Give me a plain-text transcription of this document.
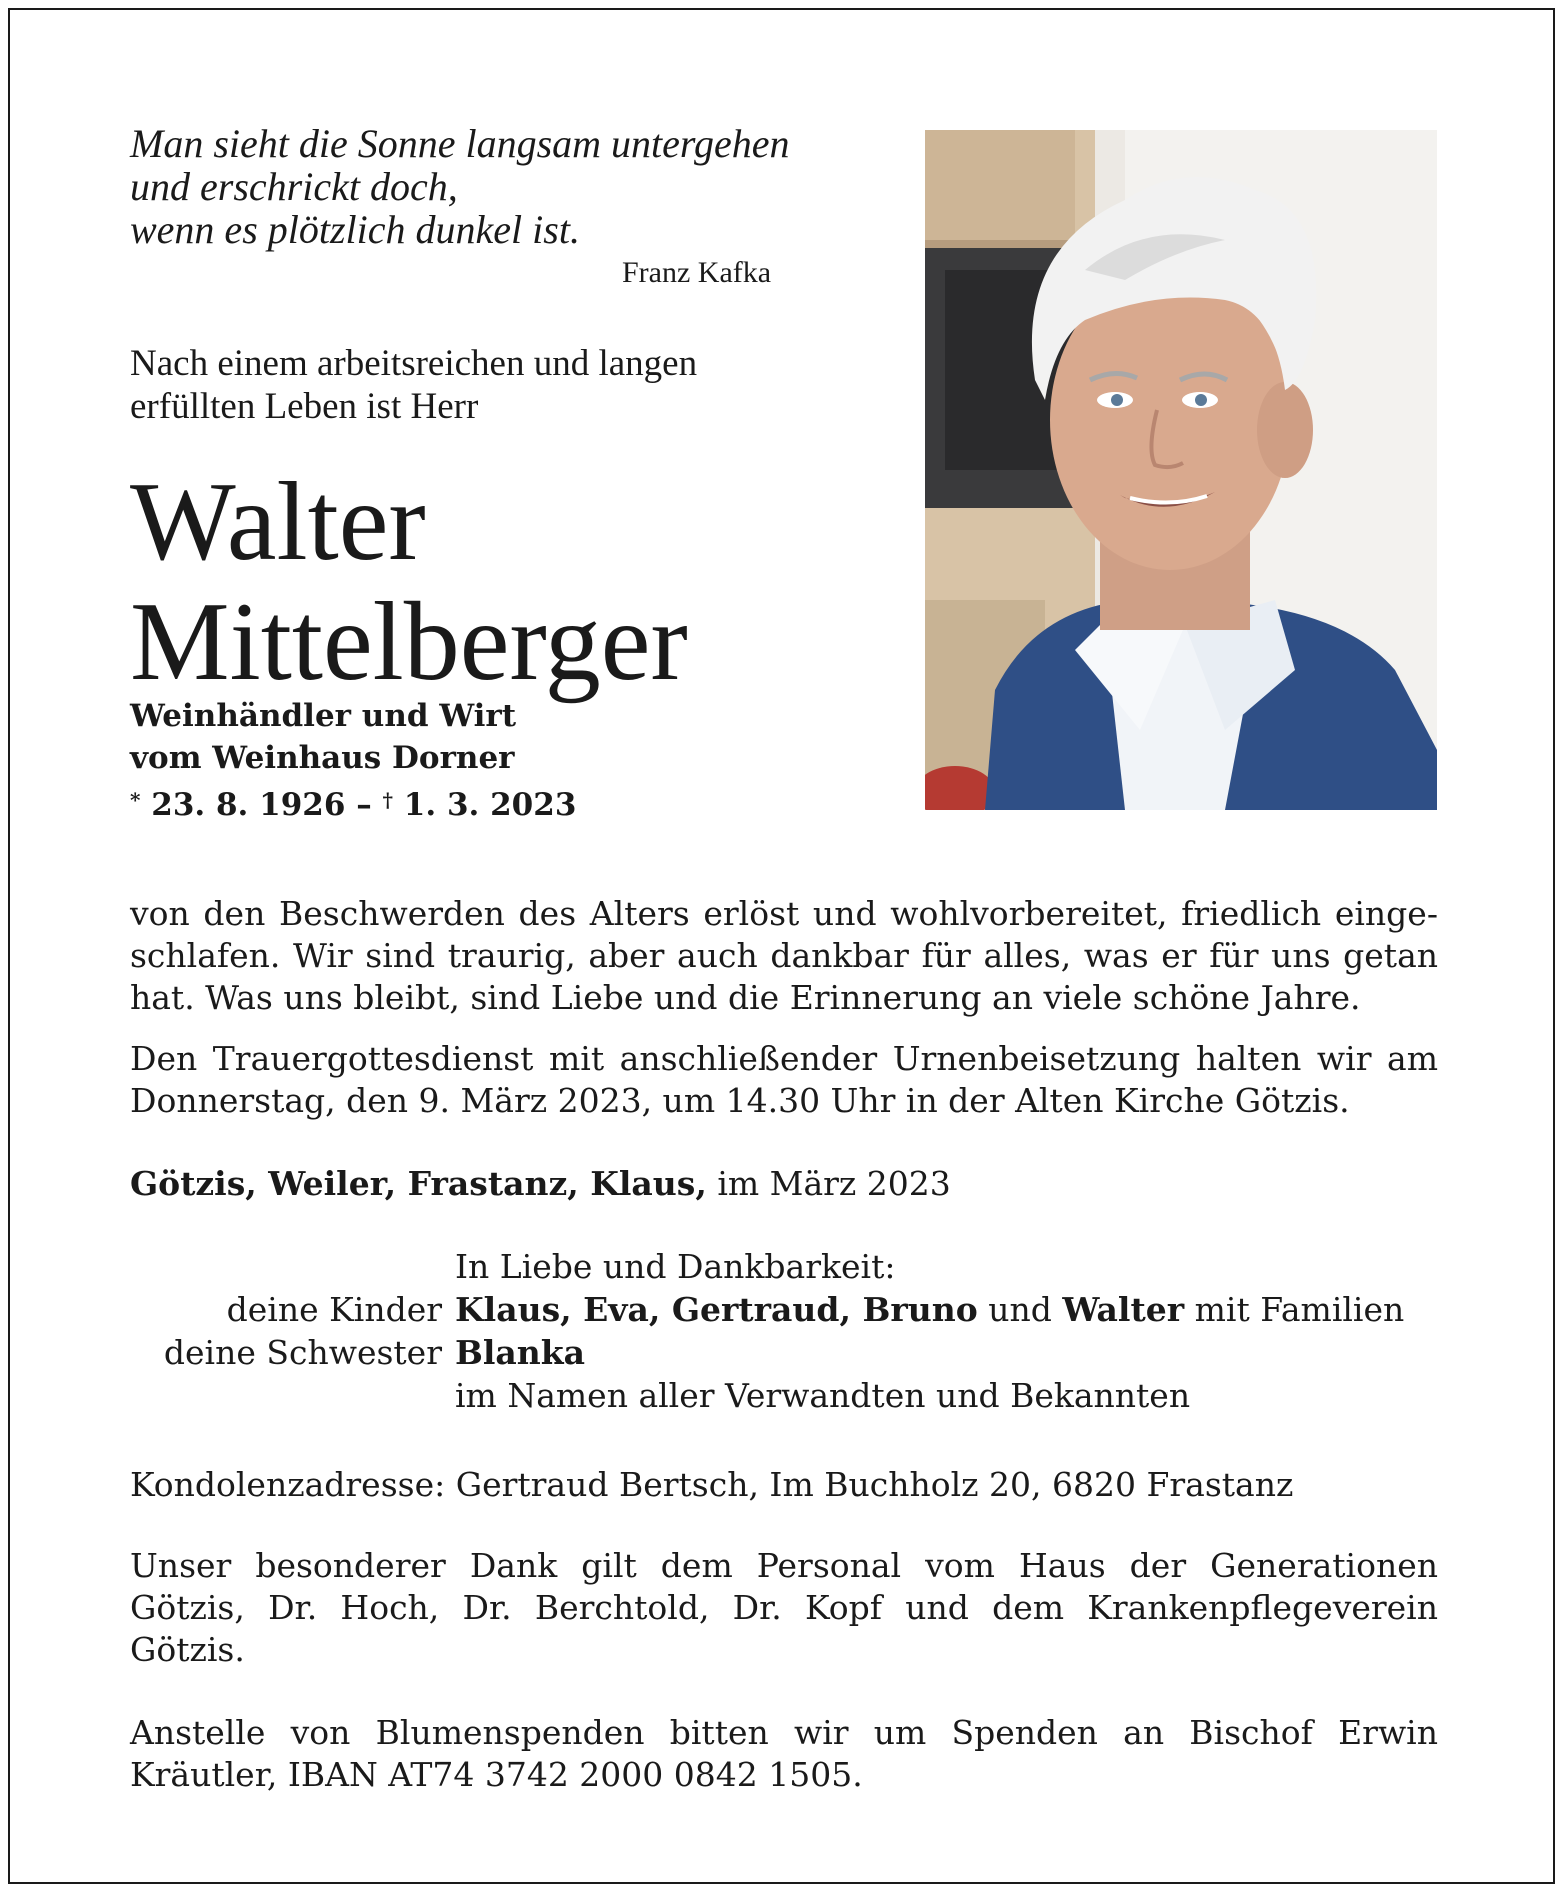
Man sieht die Sonne langsam untergehen
und erschrickt doch,
wenn es plötzlich dunkel ist.
Franz Kafka
Nach einem arbeitsreichen und langen
erfüllten Leben ist Herr
Walter
Mittelberger
Weinhändler und Wirt
vom Weinhaus Dorner
* 23. 8. 1926 – † 1. 3. 2023
von den Beschwerden des Alters erlöst und wohlvorbereitet, friedlich einge-
schlafen. Wir sind traurig, aber auch dankbar für alles, was er für uns getan
hat. Was uns bleibt, sind Liebe und die Erinnerung an viele schöne Jahre.
Den Trauergottesdienst mit anschließender Urnenbeisetzung halten wir am
Donnerstag, den 9. März 2023, um 14.30 Uhr in der Alten Kirche Götzis.
Götzis, Weiler, Frastanz, Klaus, im März 2023
In Liebe und Dankbarkeit:
deine Kinder Klaus, Eva, Gertraud, Bruno und Walter mit Familien
deine Schwester Blanka
im Namen aller Verwandten und Bekannten
Kondolenzadresse: Gertraud Bertsch, Im Buchholz 20, 6820 Frastanz
Unser besonderer Dank gilt dem Personal vom Haus der Generationen
Götzis, Dr. Hoch, Dr. Berchtold, Dr. Kopf und dem Krankenpflegeverein
Götzis.
Anstelle von Blumenspenden bitten wir um Spenden an Bischof Erwin
Kräutler, IBAN AT74 3742 2000 0842 1505.
